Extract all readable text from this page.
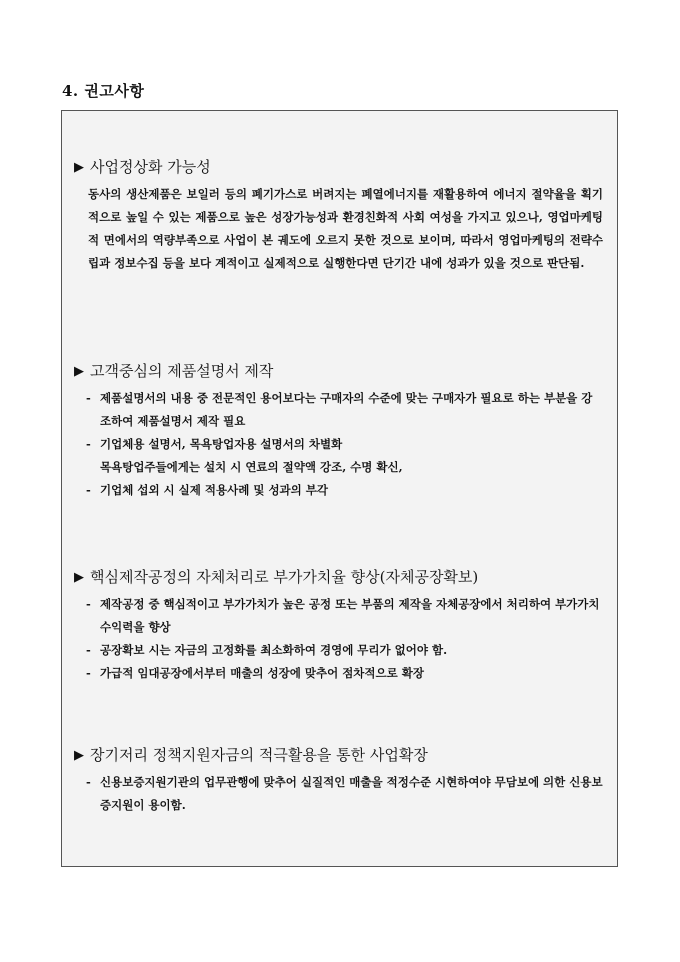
4. 권고사항
▶ 사업정상화 가능성
동사의 생산제품은 보일러 등의 폐기가스로 버려지는 폐열에너지를 재활용하여 에너지 절약율을 획기적으로 높일 수 있는 제품으로 높은 성장가능성과 환경친화적 사회 여성을 가지고 있으나, 영업마케팅적 면에서의 역량부족으로 사업이 본 궤도에 오르지 못한 것으로 보이며, 따라서 영업마케팅의 전략수립과 정보수집 등을 보다 계적이고 실제적으로 실행한다면 단기간 내에 성과가 있을 것으로 판단됨.
▶ 고객중심의 제품설명서 제작
- 제품설명서의 내용 중 전문적인 용어보다는 구매자의 수준에 맞는 구매자가 필요로 하는 부분을 강조하여 제품설명서 제작 필요
- 기업체용 설명서, 목욕탕업자용 설명서의 차별화
목욕탕업주들에게는 설치 시 연료의 절약액 강조, 수명 확신,
- 기업체 섭외 시 실제 적용사례 및 성과의 부각
▶ 핵심제작공정의 자체처리로 부가가치율 향상(자체공장확보)
- 제작공정 중 핵심적이고 부가가치가 높은 공정 또는 부품의 제작을 자체공장에서 처리하여 부가가치 수익력을 향상
- 공장확보 시는 자금의 고정화를 최소화하여 경영에 무리가 없어야 함.
- 가급적 임대공장에서부터 매출의 성장에 맞추어 점차적으로 확장
▶ 장기저리 정책지원자금의 적극활용을 통한 사업확장
- 신용보증지원기관의 업무관행에 맞추어 실질적인 매출을 적정수준 시현하여야 무담보에 의한 신용보증지원이 용이함.
